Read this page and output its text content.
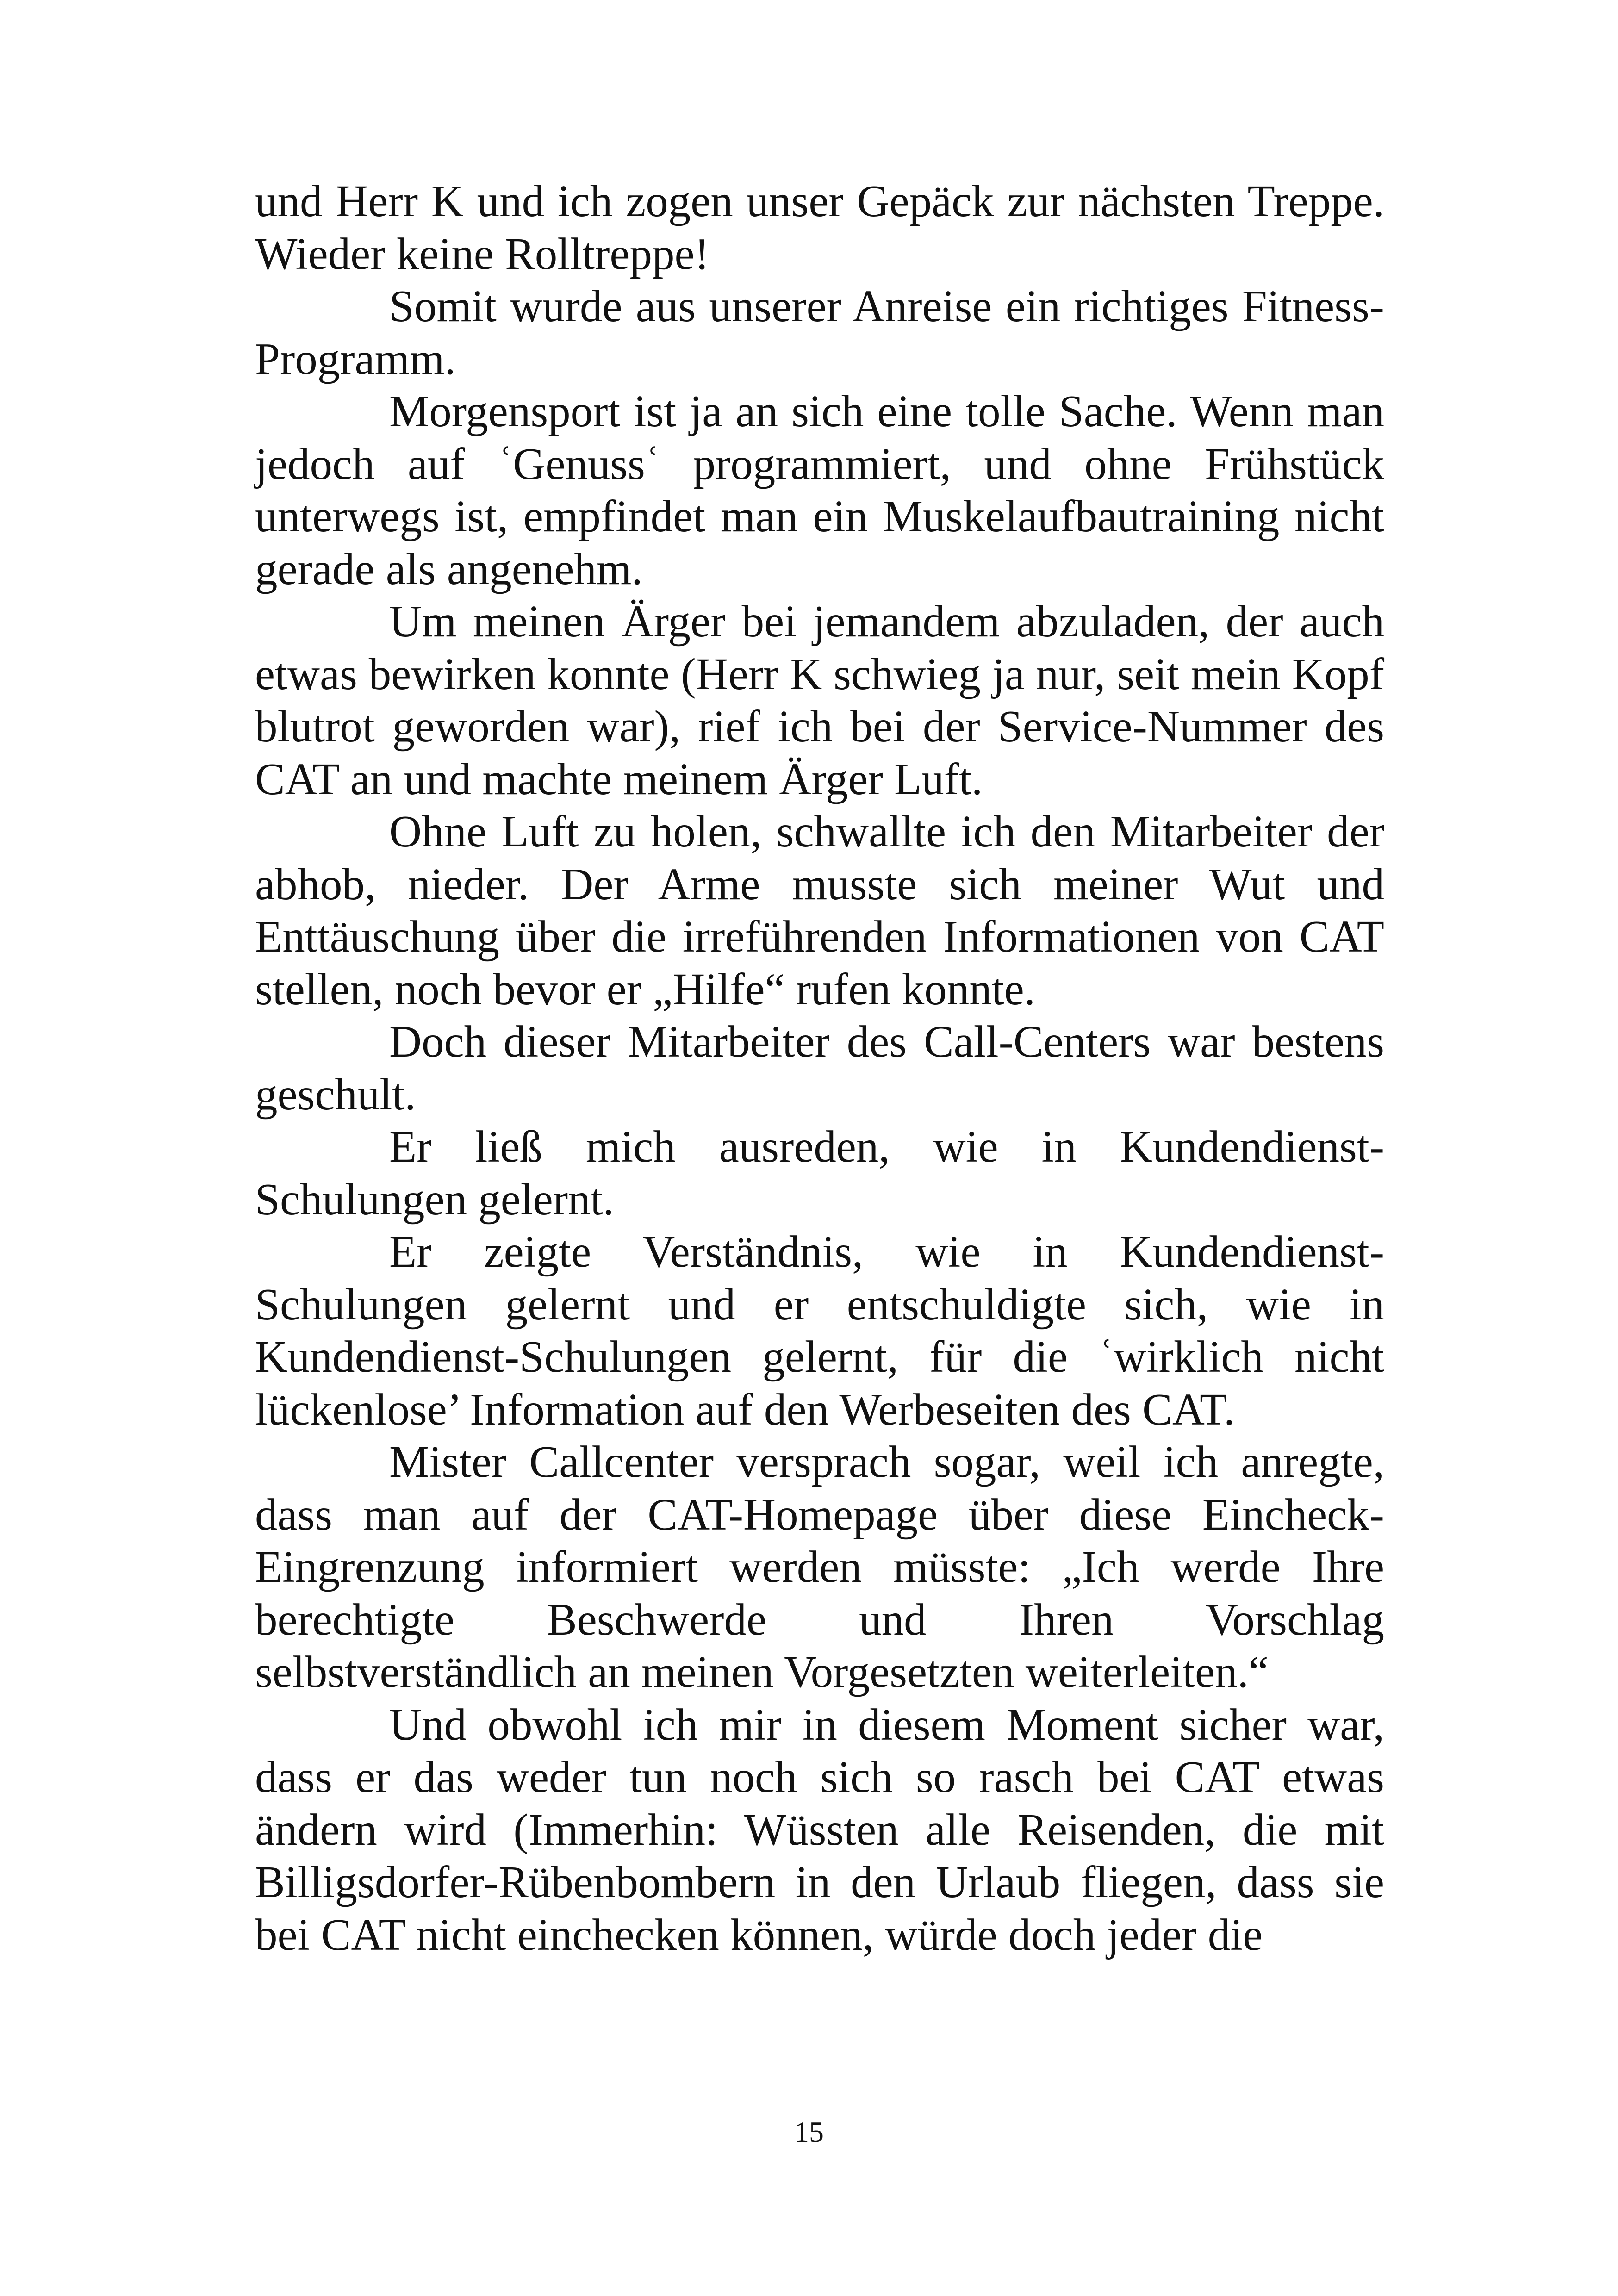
und Herr K und ich zogen unser Gepäck zur nächsten Treppe. Wieder keine Rolltreppe!

Somit wurde aus unserer Anreise ein richtiges Fitness-Programm.

Morgensport ist ja an sich eine tolle Sache. Wenn man jedoch auf ʿGenussʿ programmiert, und ohne Frühstück unterwegs ist, empfindet man ein Muskelaufbautraining nicht gerade als angenehm.

Um meinen Ärger bei jemandem abzuladen, der auch etwas bewirken konnte (Herr K schwieg ja nur, seit mein Kopf blutrot geworden war), rief ich bei der Service-Nummer des CAT an und machte meinem Ärger Luft.

Ohne Luft zu holen, schwallte ich den Mitarbeiter der abhob, nieder. Der Arme musste sich meiner Wut und Enttäuschung über die irreführenden Informationen von CAT stellen, noch bevor er „Hilfe“ rufen konnte.

Doch dieser Mitarbeiter des Call-Centers war bestens geschult.

Er ließ mich ausreden, wie in Kundendienst-Schulungen gelernt.

Er zeigte Verständnis, wie in Kundendienst-Schulungen gelernt und er entschuldigte sich, wie in Kundendienst-Schulungen gelernt, für die ʿwirklich nicht lückenlose’ Information auf den Werbeseiten des CAT.

Mister Callcenter versprach sogar, weil ich anregte, dass man auf der CAT-Homepage über diese Eincheck-Eingrenzung informiert werden müsste: „Ich werde Ihre berechtigte Beschwerde und Ihren Vorschlag selbstverständlich an meinen Vorgesetzten weiterleiten.“

Und obwohl ich mir in diesem Moment sicher war, dass er das weder tun noch sich so rasch bei CAT etwas ändern wird (Immerhin: Wüssten alle Reisenden, die mit Billigsdorfer-Rübenbombern in den Urlaub fliegen, dass sie bei CAT nicht einchecken können, würde doch jeder die

15
